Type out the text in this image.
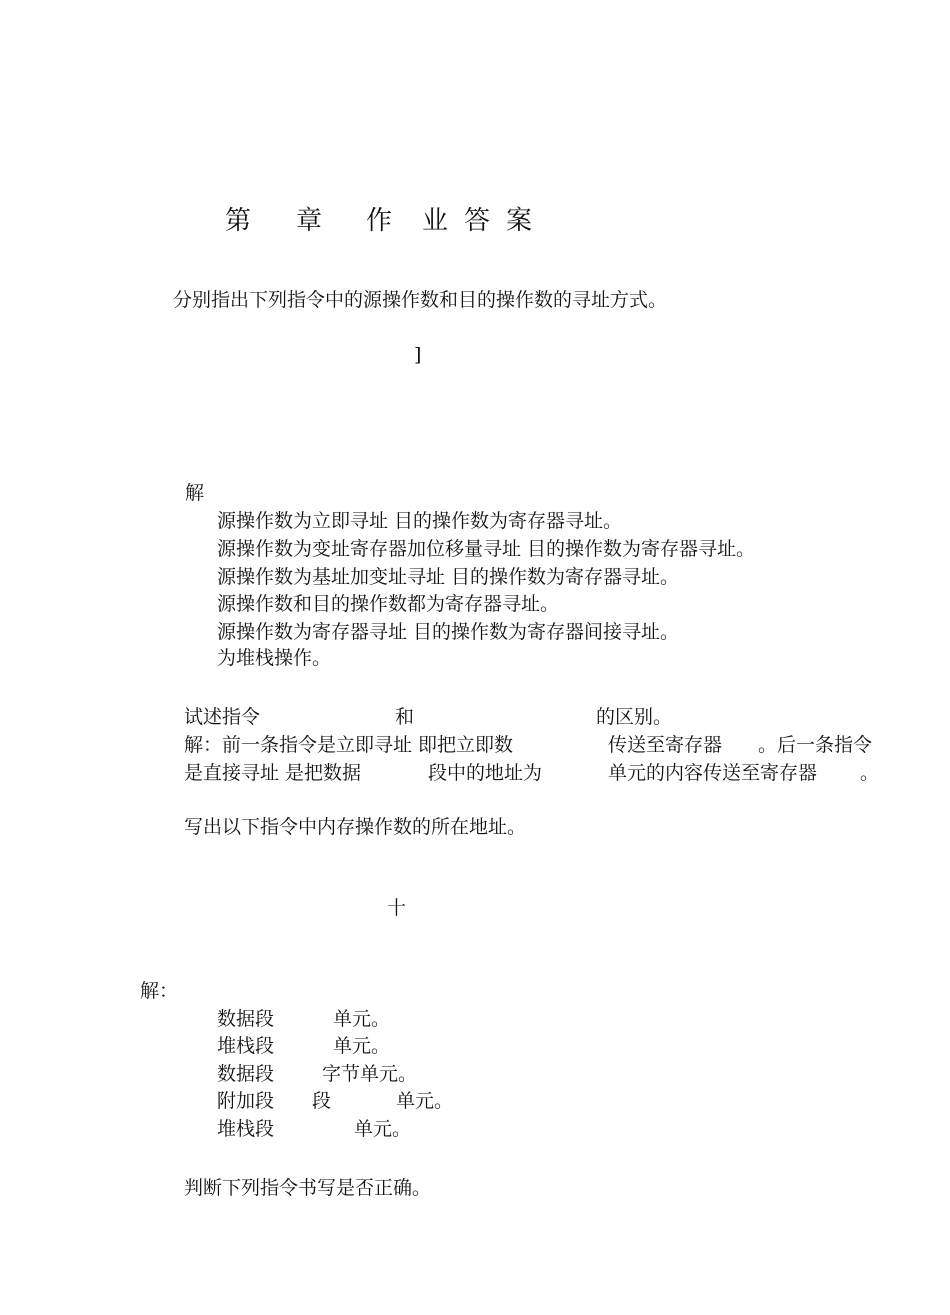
第 章 作 业 答 案
分别指出下列指令中的源操作数和目的操作数的寻址方式。
]
解
源操作数为立即寻址 目的操作数为寄存器寻址。
源操作数为变址寄存器加位移量寻址 目的操作数为寄存器寻址。
源操作数为基址加变址寻址 目的操作数为寄存器寻址。
源操作数和目的操作数都为寄存器寻址。
源操作数为寄存器寻址 目的操作数为寄存器间接寻址。
为堆栈操作。
试述指令	和	的区别。
解：前一条指令是立即寻址 即把立即数	传送至寄存器 。后一条指令
是直接寻址 是把数据	段中的地址为	单元的内容传送至寄存器 。
写出以下指令中内存操作数的所在地址。
十
解：
数据段	单元。
堆栈段	单元。
数据段	字节单元。
附加段 段	单元。
堆栈段	单元。
判断下列指令书写是否正确。
